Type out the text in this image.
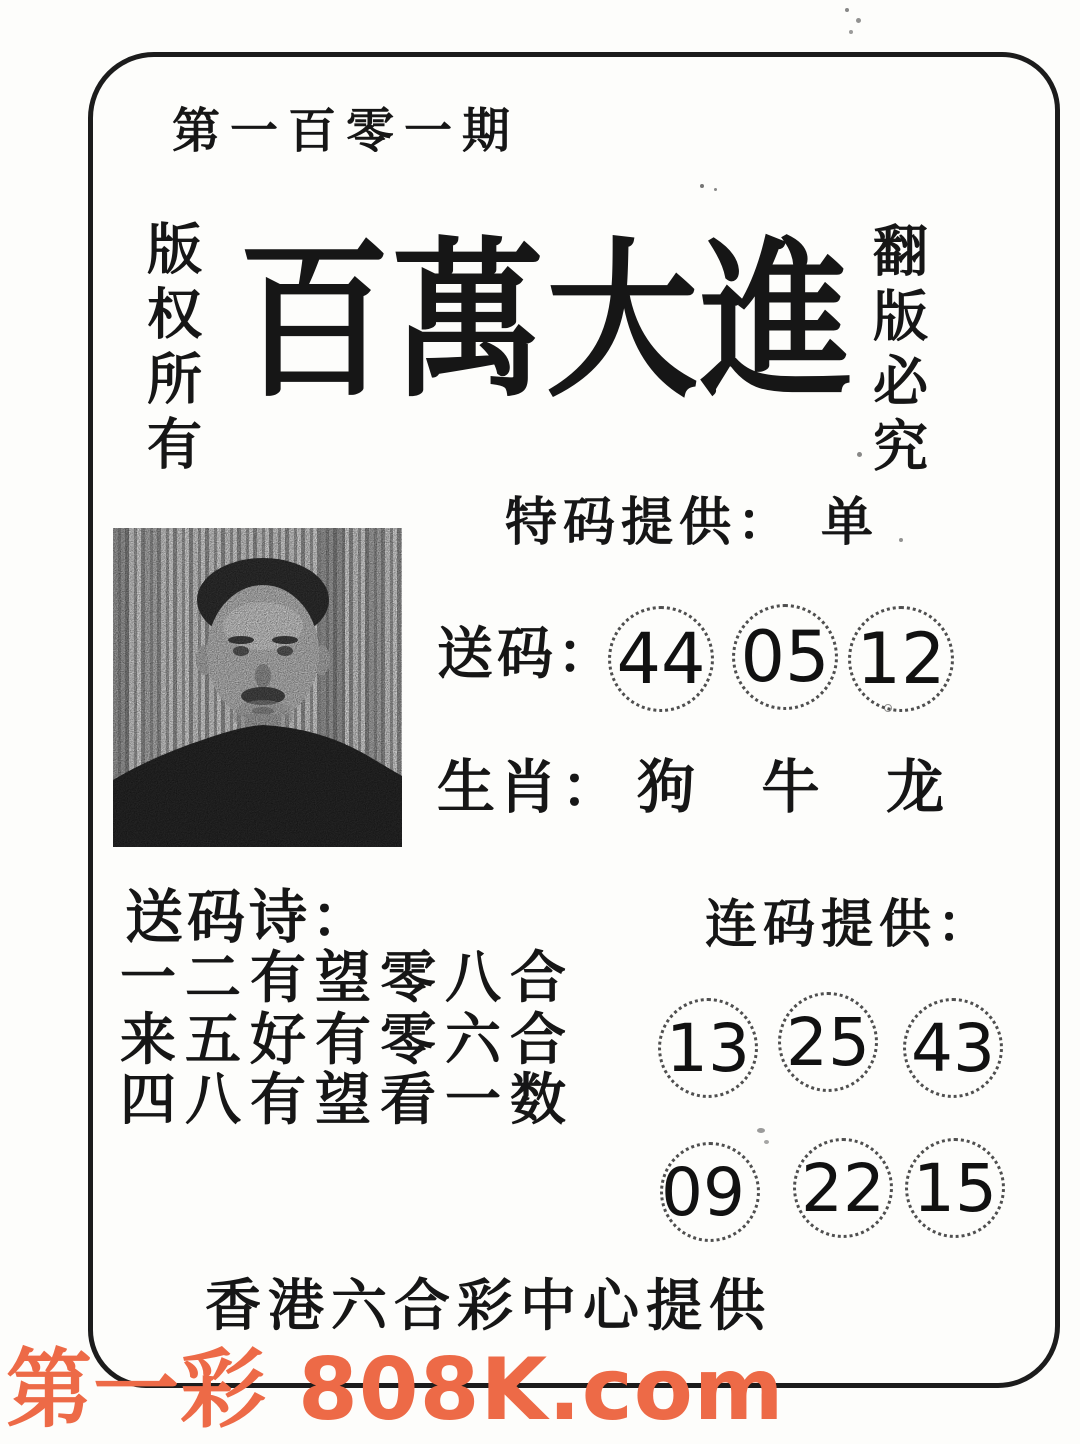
第一百零一期
版权所有	翻版必究
百萬大進
特码提供： 单
送码： 44 05 12
生肖： 狗 牛 龙
送码诗：
一二有望零八合
来五好有零六合
四八有望看一数
连码提供：
13 25 43
09 22 15
香港六合彩中心提供
第一彩 808K.com
